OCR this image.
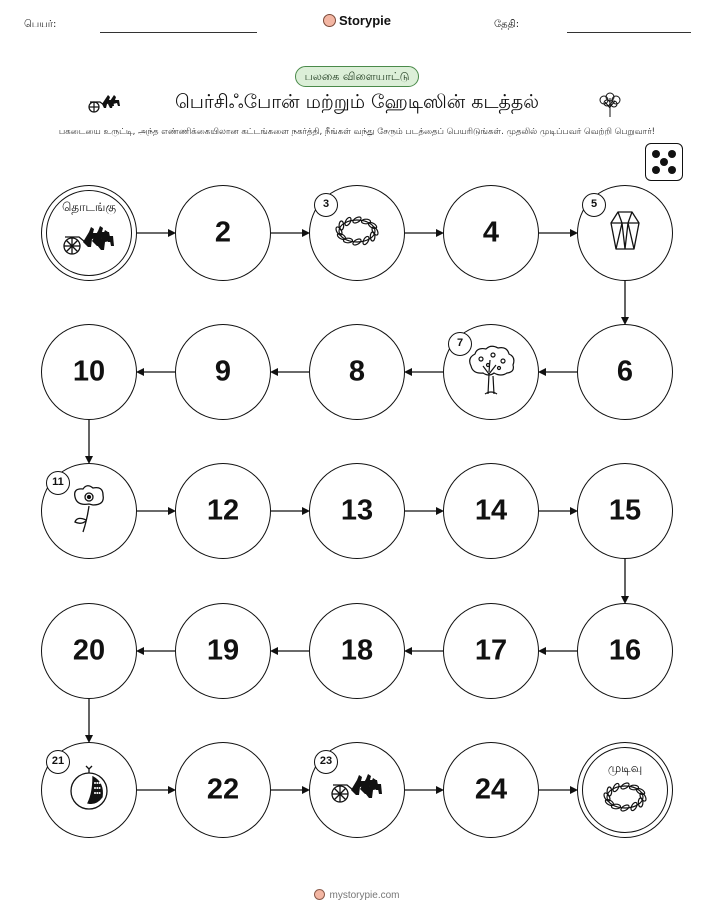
பெயர்:	Storypie	தேதி:
பலகை விளையாட்டு
பெர்சிஃபோன் மற்றும் ஹேடிஸின் கடத்தல்
பகடையை உருட்டி, அந்த எண்ணிக்கையிலான கட்டங்களை நகர்த்தி, நீங்கள் வந்து சேரும் படத்தைப் பெயரிடுங்கள். முதலில் முடிப்பவர் வெற்றி பெறுவார்!
தொடங்கு
2
3
4
5
6
7
8
9
10
11
12	13	14	15
16
17
18
19
20
21
22
23
24
முடிவு
mystorypie.com
